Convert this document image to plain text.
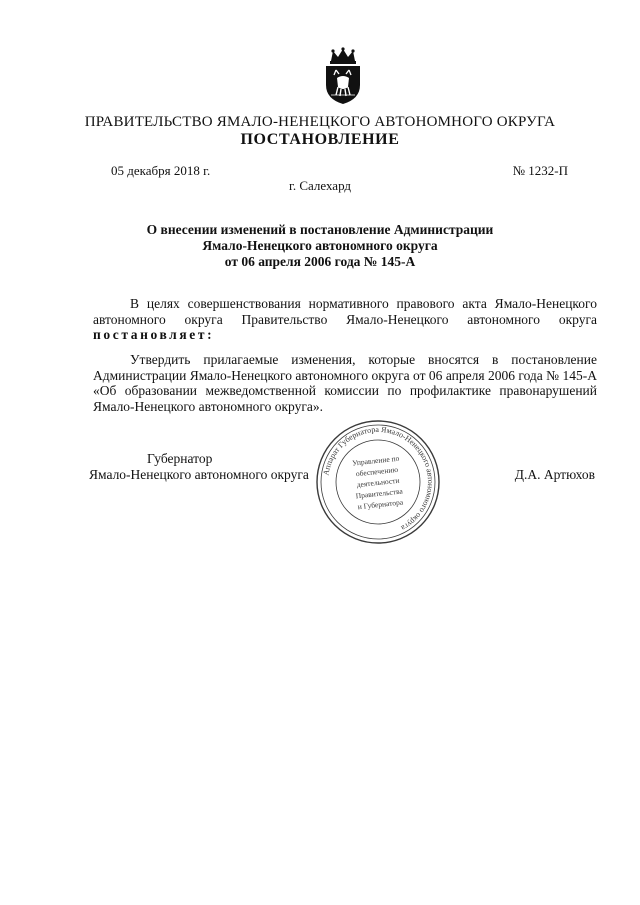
ПРАВИТЕЛЬСТВО ЯМАЛО-НЕНЕЦКОГО АВТОНОМНОГО ОКРУГА
ПОСТАНОВЛЕНИЕ
05 декабря 2018 г.	№ 1232-П
г. Салехард
О внесении изменений в постановление Администрации
Ямало-Ненецкого автономного округа
от 06 апреля 2006 года № 145-А
В целях совершенствования нормативного правового акта Ямало-Ненецкого автономного округа Правительство Ямало-Ненецкого автономного округа постановляет:
Утвердить прилагаемые изменения, которые вносятся в постановление Администрации Ямало-Ненецкого автономного округа от 06 апреля 2006 года № 145-А «Об образовании межведомственной комиссии по профилактике правонарушений Ямало-Ненецкого автономного округа».
Губернатор
Ямало-Ненецкого автономного округа	Аппарат Губернатора Ямало-Ненецкого автономного округа
Управление по
обеспечению
деятельности
Правительства
и Губернатора
Д.А. Артюхов
